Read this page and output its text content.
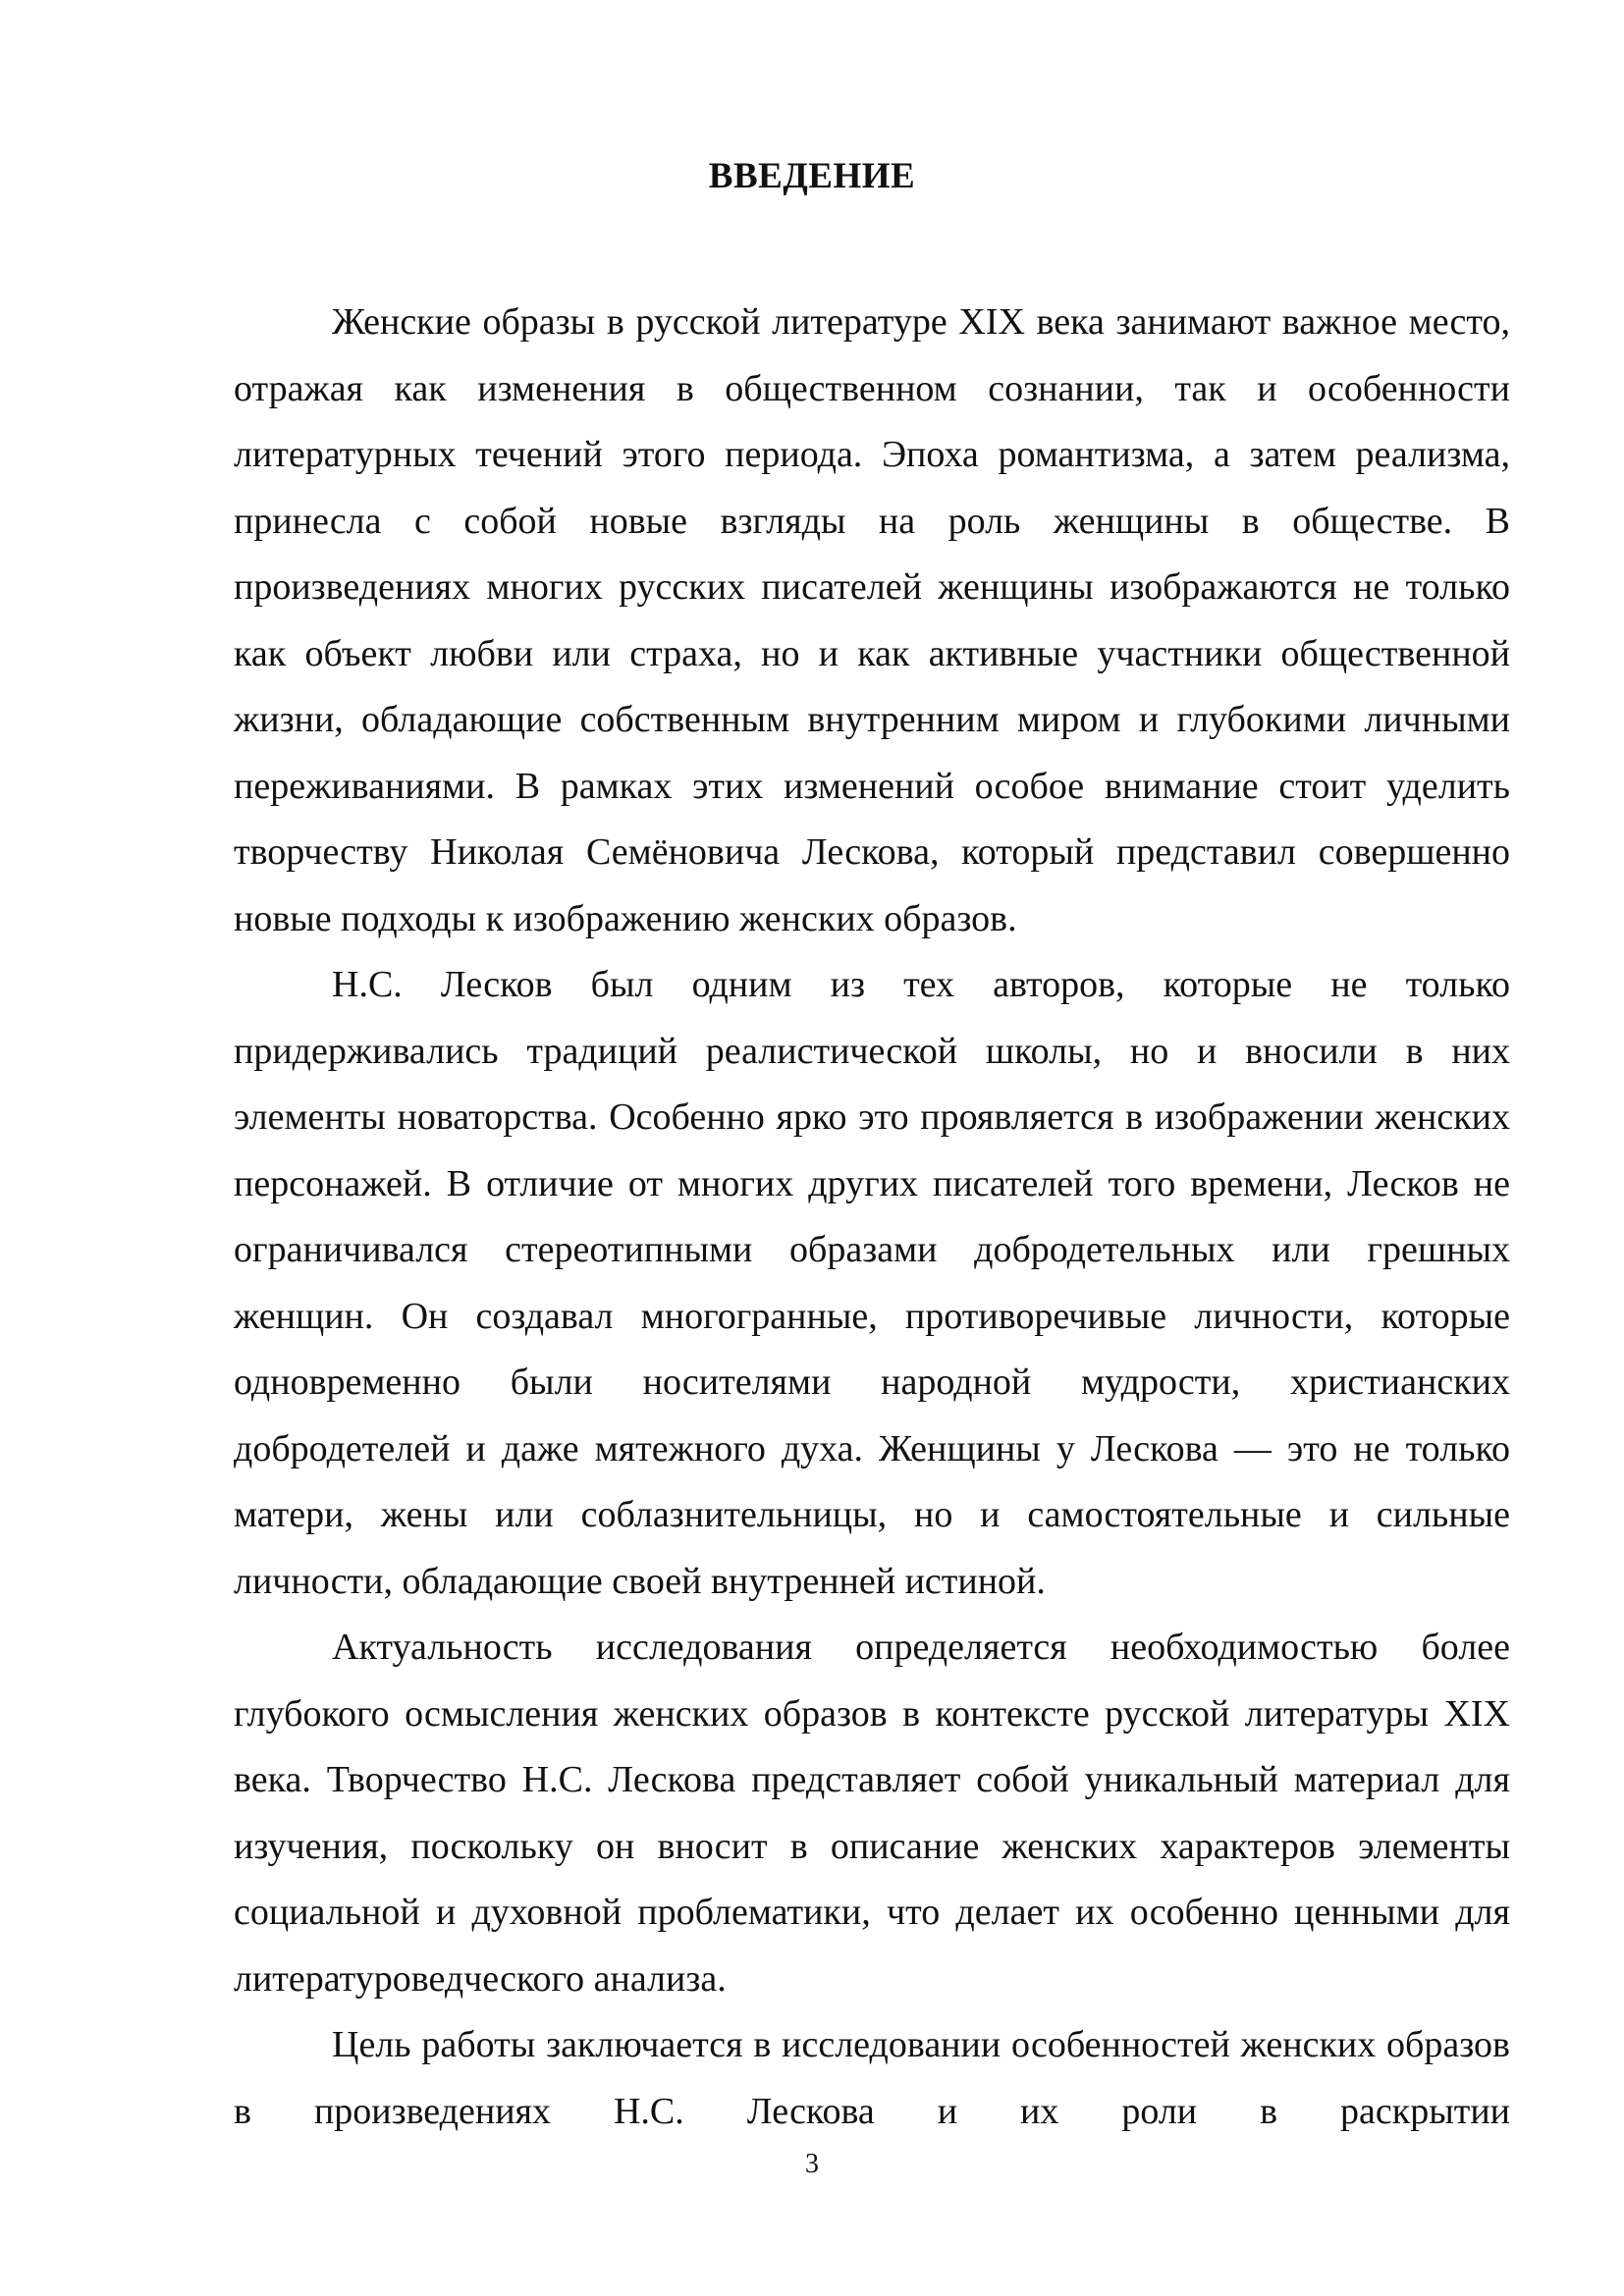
ВВЕДЕНИЕ

Женские образы в русской литературе XIX века занимают важное место, отражая как изменения в общественном сознании, так и особенности литературных течений этого периода. Эпоха романтизма, а затем реализма, принесла с собой новые взгляды на роль женщины в обществе. В произведениях многих русских писателей женщины изображаются не только как объект любви или страха, но и как активные участники общественной жизни, обладающие собственным внутренним миром и глубокими личными переживаниями. В рамках этих изменений особое внимание стоит уделить творчеству Николая Семёновича Лескова, который представил совершенно новые подходы к изображению женских образов.

Н.С. Лесков был одним из тех авторов, которые не только придерживались традиций реалистической школы, но и вносили в них элементы новаторства. Особенно ярко это проявляется в изображении женских персонажей. В отличие от многих других писателей того времени, Лесков не ограничивался стереотипными образами добродетельных или грешных женщин. Он создавал многогранные, противоречивые личности, которые одновременно были носителями народной мудрости, христианских добродетелей и даже мятежного духа. Женщины у Лескова — это не только матери, жены или соблазнительницы, но и самостоятельные и сильные личности, обладающие своей внутренней истиной.

Актуальность исследования определяется необходимостью более глубокого осмысления женских образов в контексте русской литературы XIX века. Творчество Н.С. Лескова представляет собой уникальный материал для изучения, поскольку он вносит в описание женских характеров элементы социальной и духовной проблематики, что делает их особенно ценными для литературоведческого анализа.

Цель работы заключается в исследовании особенностей женских образов в произведениях Н.С. Лескова и их роли в раскрытии

3
